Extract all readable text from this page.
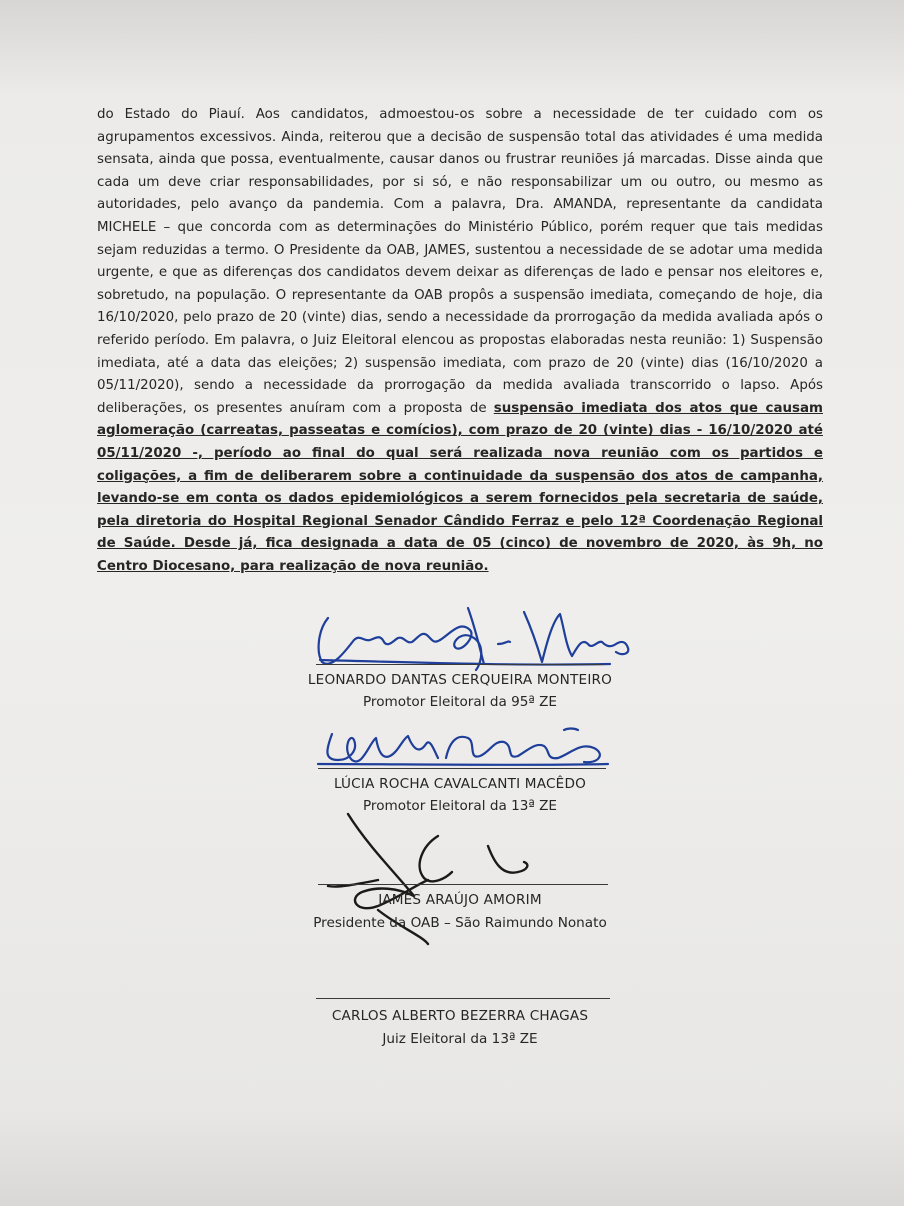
do Estado do Piauí. Aos candidatos, admoestou-os sobre a necessidade de ter cuidado com os agrupamentos excessivos. Ainda, reiterou que a decisão de suspensão total das atividades é uma medida sensata, ainda que possa, eventualmente, causar danos ou frustrar reuniões já marcadas. Disse ainda que cada um deve criar responsabilidades, por si só, e não responsabilizar um ou outro, ou mesmo as autoridades, pelo avanço da pandemia. Com a palavra, Dra. AMANDA, representante da candidata MICHELE – que concorda com as determinações do Ministério Público, porém requer que tais medidas sejam reduzidas a termo. O Presidente da OAB, JAMES, sustentou a necessidade de se adotar uma medida urgente, e que as diferenças dos candidatos devem deixar as diferenças de lado e pensar nos eleitores e, sobretudo, na população. O representante da OAB propôs a suspensão imediata, começando de hoje, dia 16/10/2020, pelo prazo de 20 (vinte) dias, sendo a necessidade da prorrogação da medida avaliada após o referido período. Em palavra, o Juiz Eleitoral elencou as propostas elaboradas nesta reunião: 1) Suspensão imediata, até a data das eleições; 2) suspensão imediata, com prazo de 20 (vinte) dias (16/10/2020 a 05/11/2020), sendo a necessidade da prorrogação da medida avaliada transcorrido o lapso. Após deliberações, os presentes anuíram com a proposta de suspensão imediata dos atos que causam aglomeração (carreatas, passeatas e comícios), com prazo de 20 (vinte) dias - 16/10/2020 até 05/11/2020 -, período ao final do qual será realizada nova reunião com os partidos e coligações, a fim de deliberarem sobre a continuidade da suspensão dos atos de campanha, levando-se em conta os dados epidemiológicos a serem fornecidos pela secretaria de saúde, pela diretoria do Hospital Regional Senador Cândido Ferraz e pelo 12ª Coordenação Regional de Saúde. Desde já, fica designada a data de 05 (cinco) de novembro de 2020, às 9h, no Centro Diocesano, para realização de nova reunião.

LEONARDO DANTAS CERQUEIRA MONTEIRO

Promotor Eleitoral da 95ª ZE

LÚCIA ROCHA CAVALCANTI MACÊDO

Promotor Eleitoral da 13ª ZE

JAMES ARAÚJO AMORIM

Presidente da OAB – São Raimundo Nonato

CARLOS ALBERTO BEZERRA CHAGAS

Juiz Eleitoral da 13ª ZE
